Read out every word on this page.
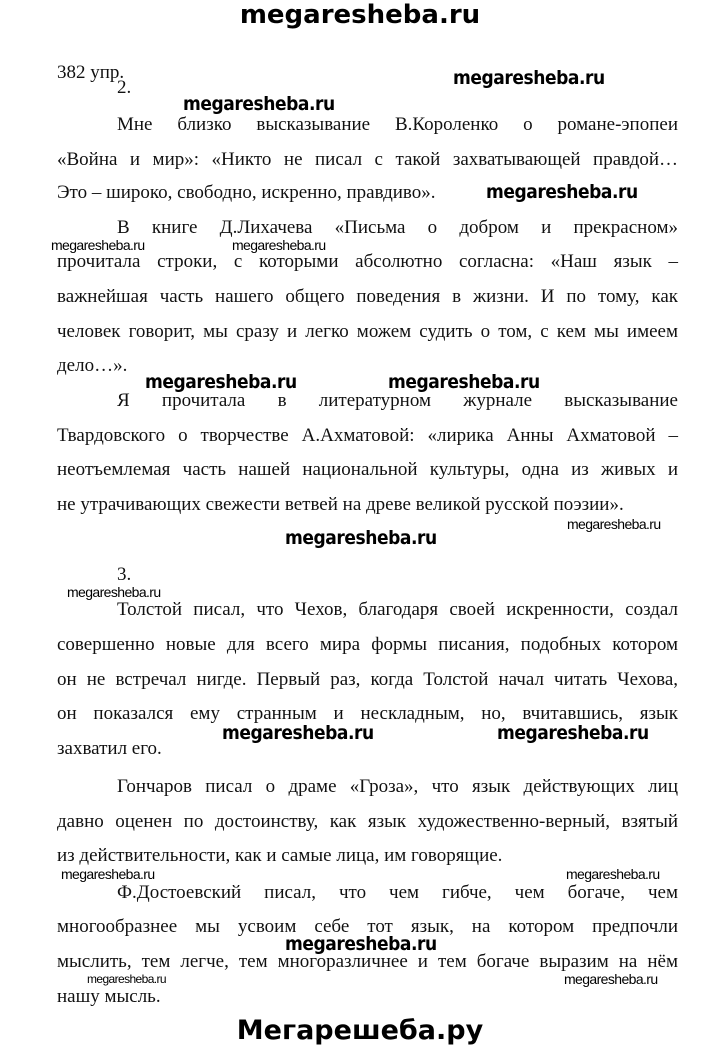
megaresheba.ru
382 упр.
2.
Мне близко высказывание В.Короленко о романе-эпопеи
«Война и мир»: «Никто не писал с такой захватывающей правдой…
Это – широко, свободно, искренно, правдиво».
В книге Д.Лихачева «Письма о добром и прекрасном»
прочитала строки, с которыми абсолютно согласна: «Наш язык –
важнейшая часть нашего общего поведения в жизни. И по тому, как
человек говорит, мы сразу и легко можем судить о том, с кем мы имеем
дело…».
Я прочитала в литературном журнале высказывание
Твардовского о творчестве А.Ахматовой: «лирика Анны Ахматовой –
неотъемлемая часть нашей национальной культуры, одна из живых и
не утрачивающих свежести ветвей на древе великой русской поэзии».
3.
Толстой писал, что Чехов, благодаря своей искренности, создал
совершенно новые для всего мира формы писания, подобных котором
он не встречал нигде. Первый раз, когда Толстой начал читать Чехова,
он показался ему странным и нескладным, но, вчитавшись, язык
захватил его.
Гончаров писал о драме «Гроза», что язык действующих лиц
давно оценен по достоинству, как язык художественно-верный, взятый
из действительности, как и самые лица, им говорящие.
Ф.Достоевский писал, что чем гибче, чем богаче, чем
многообразнее мы усвоим себе тот язык, на котором предпочли
мыслить, тем легче, тем многоразличнее и тем богаче выразим на нём
нашу мысль.
megaresheba.ru
megaresheba.ru
megaresheba.ru
megaresheba.ru	megaresheba.ru
megaresheba.ru	megaresheba.ru
megaresheba.ru
megaresheba.ru
megaresheba.ru
megaresheba.ru	megaresheba.ru
megaresheba.ru
megaresheba.ru
megaresheba.ru
megaresheba.ru	megaresheba.ru
Мегарешеба.ру
